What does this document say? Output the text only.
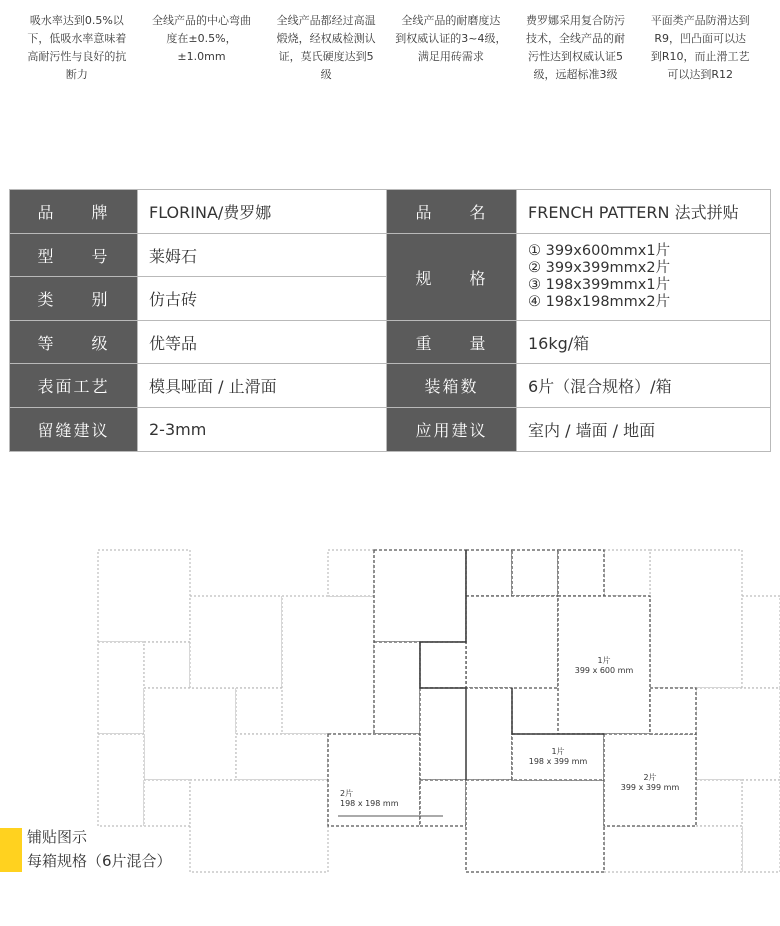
吸水率达到0.5%以
下，低吸水率意味着
高耐污性与良好的抗
断力
全线产品的中心弯曲
度在±0.5%，
±1.0mm
全线产品都经过高温
煅烧，经权威检测认
证，莫氏硬度达到5
级
全线产品的耐磨度达
到权威认证的3~4级，
满足用砖需求
费罗娜采用复合防污
技术，全线产品的耐
污性达到权威认证5
级，远超标准3级
平面类产品防滑达到
R9，凹凸面可以达
到R10，而止滑工艺
可以达到R12
品 牌	FLORINA/费罗娜	品 名	FRENCH PATTERN 法式拼贴
型 号	莱姆石	规 格	① 399x600mmx1片
② 399x399mmx2片
③ 198x399mmx1片
④ 198x198mmx2片

类 别	仿古砖		
等 级	优等品	重 量	16kg/箱
表面工艺	模具哑面 / 止滑面	装箱数	6片（混合规格）/箱
留缝建议	2-3mm	应用建议	室内 / 墙面 / 地面
1片
399 x 600 mm
1片
198 x 399 mm
2片
399 x 399 mm
2片
198 x 198 mm
铺贴图示
每箱规格（6片混合）
